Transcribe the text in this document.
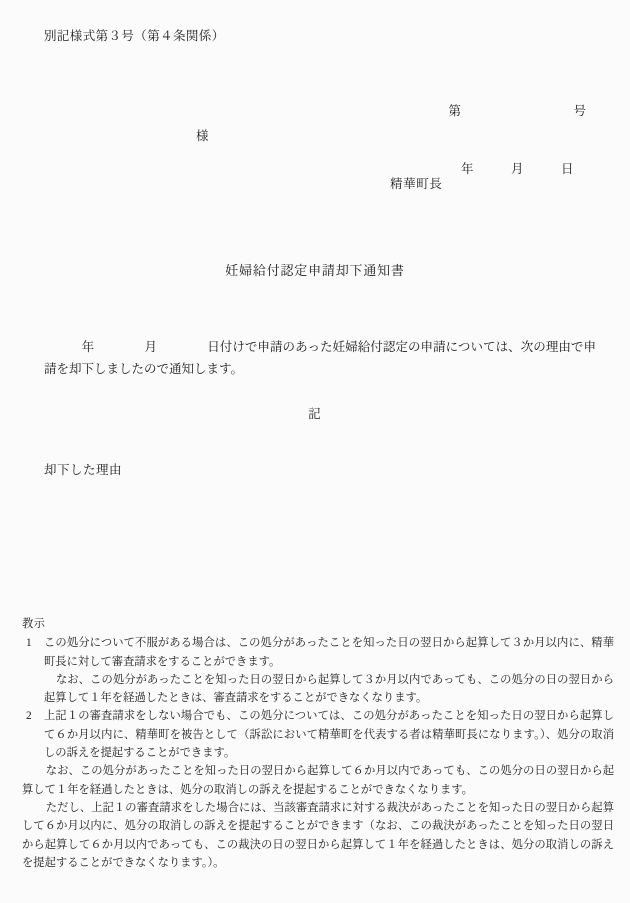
別記様式第３号（第４条関係）

第　　　　　　　　　号

　年　　　月　　　日

様
精華町長
妊婦給付認定申請却下通知書
　　　年　　　　月　　　　日付けで申請のあった妊婦給付認定の申請については、次の理由で申請を却下しましたので通知します。
記
却下した理由
教示
1	この処分について不服がある場合は、この処分があったことを知った日の翌日から起算して３か月以内に、精華町長に対して審査請求をすることができます。
なお、この処分があったことを知った日の翌日から起算して３か月以内であっても、この処分の日の翌日から起算して１年を経過したときは、審査請求をすることができなくなります。
2	上記１の審査請求をしない場合でも、この処分については、この処分があったことを知った日の翌日から起算して６か月以内に、精華町を被告として（訴訟において精華町を代表する者は精華町長になります。）、処分の取消しの訴えを提起することができます。
なお、この処分があったことを知った日の翌日から起算して６か月以内であっても、この処分の日の翌日から起算して１年を経過したときは、処分の取消しの訴えを提起することができなくなります。
ただし、上記１の審査請求をした場合には、当該審査請求に対する裁決があったことを知った日の翌日から起算して６か月以内に、処分の取消しの訴えを提起することができます（なお、この裁決があったことを知った日の翌日から起算して６か月以内であっても、この裁決の日の翌日から起算して１年を経過したときは、処分の取消しの訴えを提起することができなくなります。）。
